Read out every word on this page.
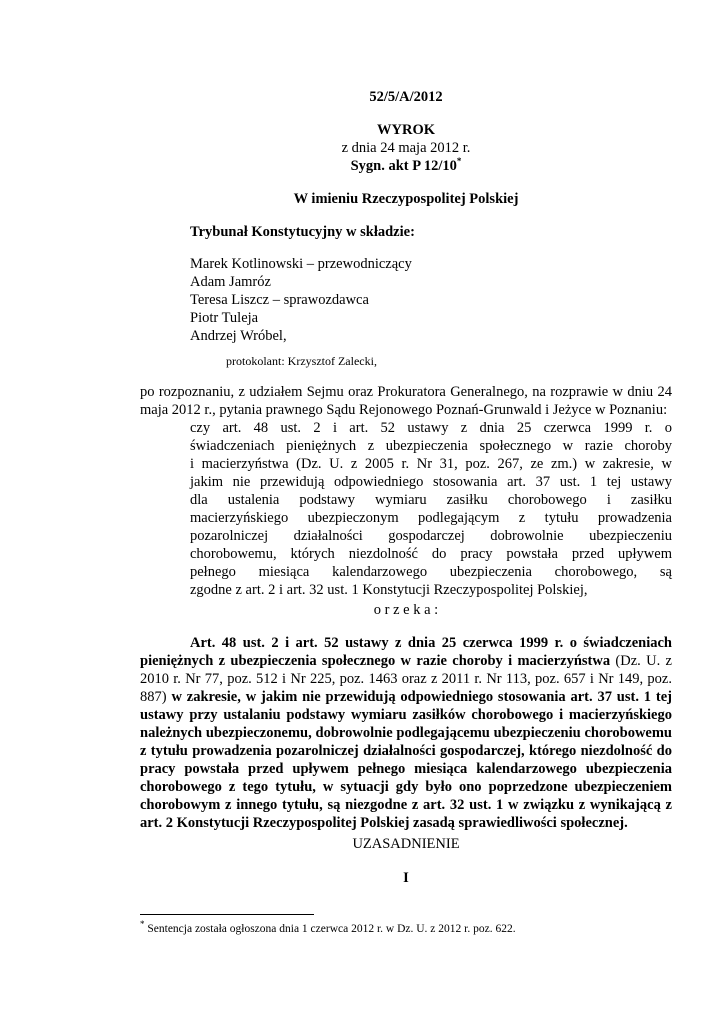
52/5/A/2012
WYROK
z dnia 24 maja 2012 r.
Sygn. akt P 12/10*
W imieniu Rzeczypospolitej Polskiej
Trybunał Konstytucyjny w składzie:
Marek Kotlinowski – przewodniczący
Adam Jamróz
Teresa Liszcz – sprawozdawca
Piotr Tuleja
Andrzej Wróbel,
protokolant: Krzysztof Zalecki,
po rozpoznaniu, z udziałem Sejmu oraz Prokuratora Generalnego, na rozprawie w dniu 24
maja 2012 r., pytania prawnego Sądu Rejonowego Poznań-Grunwald i Jeżyce w Poznaniu:
czy art. 48 ust. 2 i art. 52 ustawy z dnia 25 czerwca 1999 r. o
świadczeniach pieniężnych z ubezpieczenia społecznego w razie choroby
i macierzyństwa (Dz. U. z 2005 r. Nr 31, poz. 267, ze zm.) w zakresie, w
jakim nie przewidują odpowiedniego stosowania art. 37 ust. 1 tej ustawy
dla ustalenia podstawy wymiaru zasiłku chorobowego i zasiłku
macierzyńskiego ubezpieczonym podlegającym z tytułu prowadzenia
pozarolniczej działalności gospodarczej dobrowolnie ubezpieczeniu
chorobowemu, których niezdolność do pracy powstała przed upływem
pełnego miesiąca kalendarzowego ubezpieczenia chorobowego, są
zgodne z art. 2 i art. 32 ust. 1 Konstytucji Rzeczypospolitej Polskiej,
o r z e k a :
Art. 48 ust. 2 i art. 52 ustawy z dnia 25 czerwca 1999 r. o świadczeniach
pieniężnych z ubezpieczenia społecznego w razie choroby i macierzyństwa (Dz. U. z
2010 r. Nr 77, poz. 512 i Nr 225, poz. 1463 oraz z 2011 r. Nr 113, poz. 657 i Nr 149, poz.
887) w zakresie, w jakim nie przewidują odpowiedniego stosowania art. 37 ust. 1 tej
ustawy przy ustalaniu podstawy wymiaru zasiłków chorobowego i macierzyńskiego
należnych ubezpieczonemu, dobrowolnie podlegającemu ubezpieczeniu chorobowemu
z tytułu prowadzenia pozarolniczej działalności gospodarczej, którego niezdolność do
pracy powstała przed upływem pełnego miesiąca kalendarzowego ubezpieczenia
chorobowego z tego tytułu, w sytuacji gdy było ono poprzedzone ubezpieczeniem
chorobowym z innego tytułu, są niezgodne z art. 32 ust. 1 w związku z wynikającą z
art. 2 Konstytucji Rzeczypospolitej Polskiej zasadą sprawiedliwości społecznej.
UZASADNIENIE
I
* Sentencja została ogłoszona dnia 1 czerwca 2012 r. w Dz. U. z 2012 r. poz. 622.
